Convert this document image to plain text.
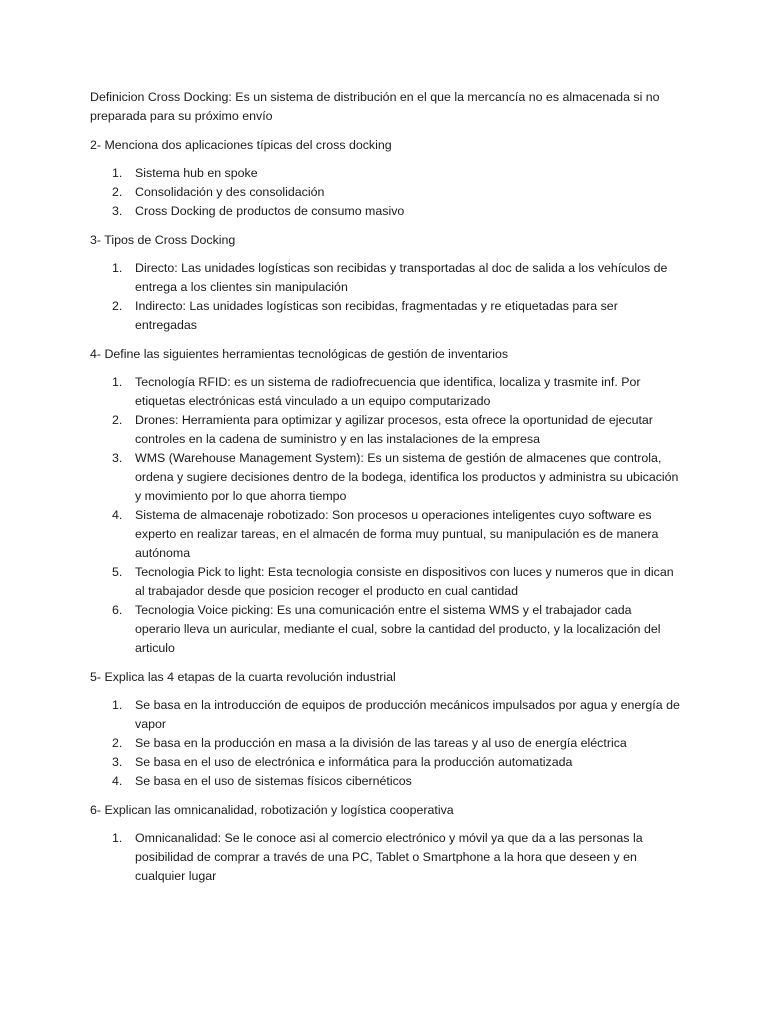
Definicion Cross Docking: Es un sistema de distribución en el que la mercancía no es almacenada si no preparada para su próximo envío

2- Menciona dos aplicaciones típicas del cross docking

1.	Sistema hub en spoke
2.	Consolidación y des consolidación
3.	Cross Docking de productos de consumo masivo

3- Tipos de Cross Docking

1.	Directo: Las unidades logísticas son recibidas y transportadas al doc de salida a los vehículos de entrega a los clientes sin manipulación
2.	Indirecto: Las unidades logísticas son recibidas, fragmentadas y re etiquetadas para ser entregadas

4- Define las siguientes herramientas tecnológicas de gestión de inventarios

1.	Tecnología RFID: es un sistema de radiofrecuencia que identifica, localiza y trasmite inf. Por etiquetas electrónicas está vinculado a un equipo computarizado
2.	Drones: Herramienta para optimizar y agilizar procesos, esta ofrece la oportunidad de ejecutar controles en la cadena de suministro y en las instalaciones de la empresa
3.	WMS (Warehouse Management System): Es un sistema de gestión de almacenes que controla, ordena y sugiere decisiones dentro de la bodega, identifica los productos y administra su ubicación y movimiento por lo que ahorra tiempo
4.	Sistema de almacenaje robotizado: Son procesos u operaciones inteligentes cuyo software es experto en realizar tareas, en el almacén de forma muy puntual, su manipulación es de manera autónoma
5.	Tecnologia Pick to light: Esta tecnologia consiste en dispositivos con luces y numeros que in dican al trabajador desde que posicion recoger el producto en cual cantidad
6.	Tecnologia Voice picking: Es una comunicación entre el sistema WMS y el trabajador cada operario lleva un auricular, mediante el cual, sobre la cantidad del producto, y la localización del articulo

5- Explica las 4 etapas de la cuarta revolución industrial

1.	Se basa en la introducción de equipos de producción mecánicos impulsados por agua y energía de vapor
2.	Se basa en la producción en masa a la división de las tareas y al uso de energía eléctrica
3.	Se basa en el uso de electrónica e informática para la producción automatizada
4.	Se basa en el uso de sistemas físicos cibernéticos

6- Explican las omnicanalidad, robotización y logística cooperativa

1.	Omnicanalidad: Se le conoce asi al comercio electrónico y móvil ya que da a las personas la posibilidad de comprar a través de una PC, Tablet o Smartphone a la hora que deseen y en cualquier lugar
